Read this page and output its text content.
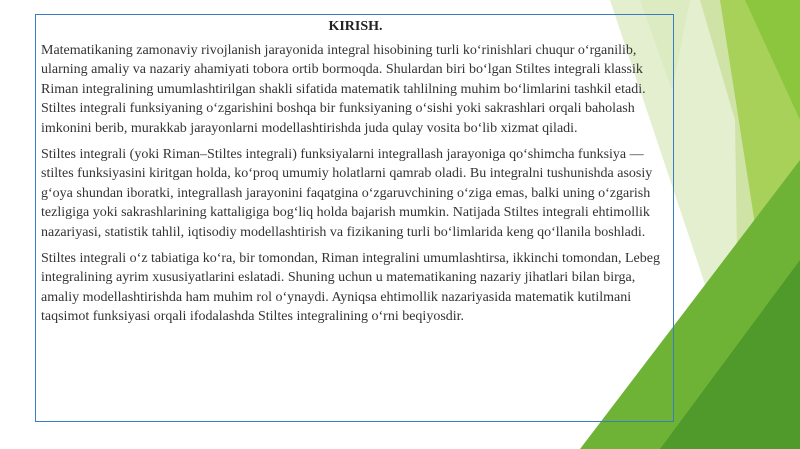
KIRISH.

Matematikaning zamonaviy rivojlanish jarayonida integral hisobining turli ko‘rinishlari chuqur o‘rganilib, ularning amaliy va nazariy ahamiyati tobora ortib bormoqda. Shulardan biri bo‘lgan Stiltes integrali klassik Riman integralining umumlashtirilgan shakli sifatida matematik tahlilning muhim bo‘limlarini tashkil etadi. Stiltes integrali funksiyaning o‘zgarishini boshqa bir funksiyaning o‘sishi yoki sakrashlari orqali baholash imkonini berib, murakkab jarayonlarni modellashtirishda juda qulay vosita bo‘lib xizmat qiladi.

Stiltes integrali (yoki Riman–Stiltes integrali) funksiyalarni integrallash jarayoniga qo‘shimcha funksiya — stiltes funksiyasini kiritgan holda, ko‘proq umumiy holatlarni qamrab oladi. Bu integralni tushunishda asosiy g‘oya shundan iboratki, integrallash jarayonini faqatgina o‘zgaruvchining o‘ziga emas, balki uning o‘zgarish tezligiga yoki sakrashlarining kattaligiga bog‘liq holda bajarish mumkin. Natijada Stiltes integrali ehtimollik nazariyasi, statistik tahlil, iqtisodiy modellashtirish va fizikaning turli bo‘limlarida keng qo‘llanila boshladi.

Stiltes integrali o‘z tabiatiga ko‘ra, bir tomondan, Riman integralini umumlashtirsa, ikkinchi tomondan, Lebeg integralining ayrim xususiyatlarini eslatadi. Shuning uchun u matematikaning nazariy jihatlari bilan birga, amaliy modellashtirishda ham muhim rol o‘ynaydi. Ayniqsa ehtimollik nazariyasida matematik kutilmani taqsimot funksiyasi orqali ifodalashda Stiltes integralining o‘rni beqiyosdir.
